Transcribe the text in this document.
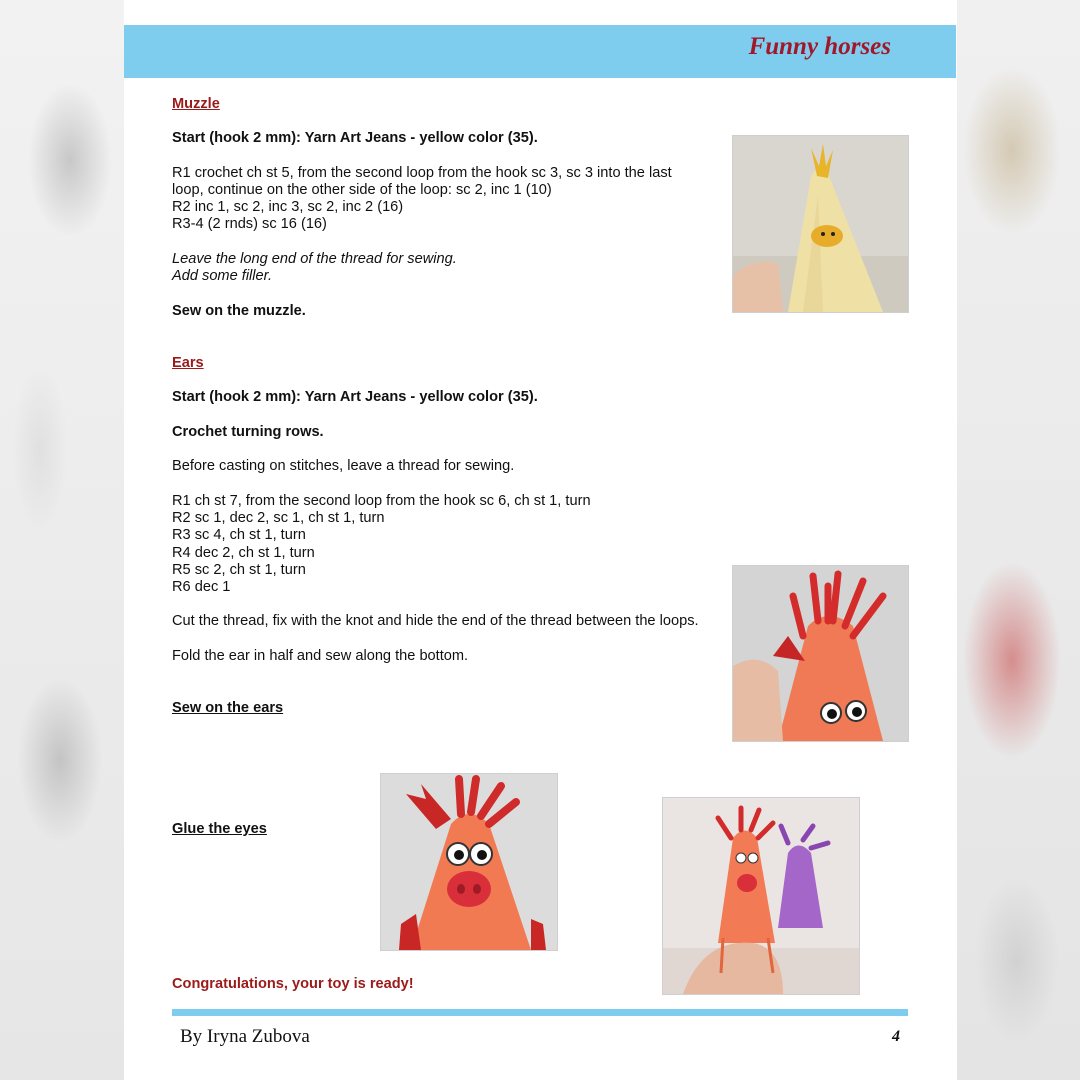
Funny horses
Muzzle
Start (hook 2 mm): Yarn Art Jeans - yellow color (35).
R1 crochet ch st 5, from the second loop from the hook sc 3, sc 3 into the last
loop, continue on the other side of the loop: sc 2, inc 1 (10)
R2 inc 1, sc 2, inc 3, sc 2, inc 2 (16)
R3-4 (2 rnds) sc 16 (16)
Leave the long end of the thread for sewing.
Add some filler.
Sew on the muzzle.
Ears
Start (hook 2 mm): Yarn Art Jeans - yellow color (35).
Crochet turning rows.
Before casting on stitches, leave a thread for sewing.
R1 ch st 7, from the second loop from the hook sc 6, ch st 1, turn
R2 sc 1, dec 2, sc 1, ch st 1, turn
R3 sc 4, ch st 1, turn
R4 dec 2, ch st 1, turn
R5 sc 2, ch st 1, turn
R6 dec 1
Cut the thread, fix with the knot and hide the end of the thread between the loops.
Fold the ear in half and sew along the bottom.
Sew on the ears
Glue the eyes
Congratulations, your toy is ready!
By Iryna Zubova	4
